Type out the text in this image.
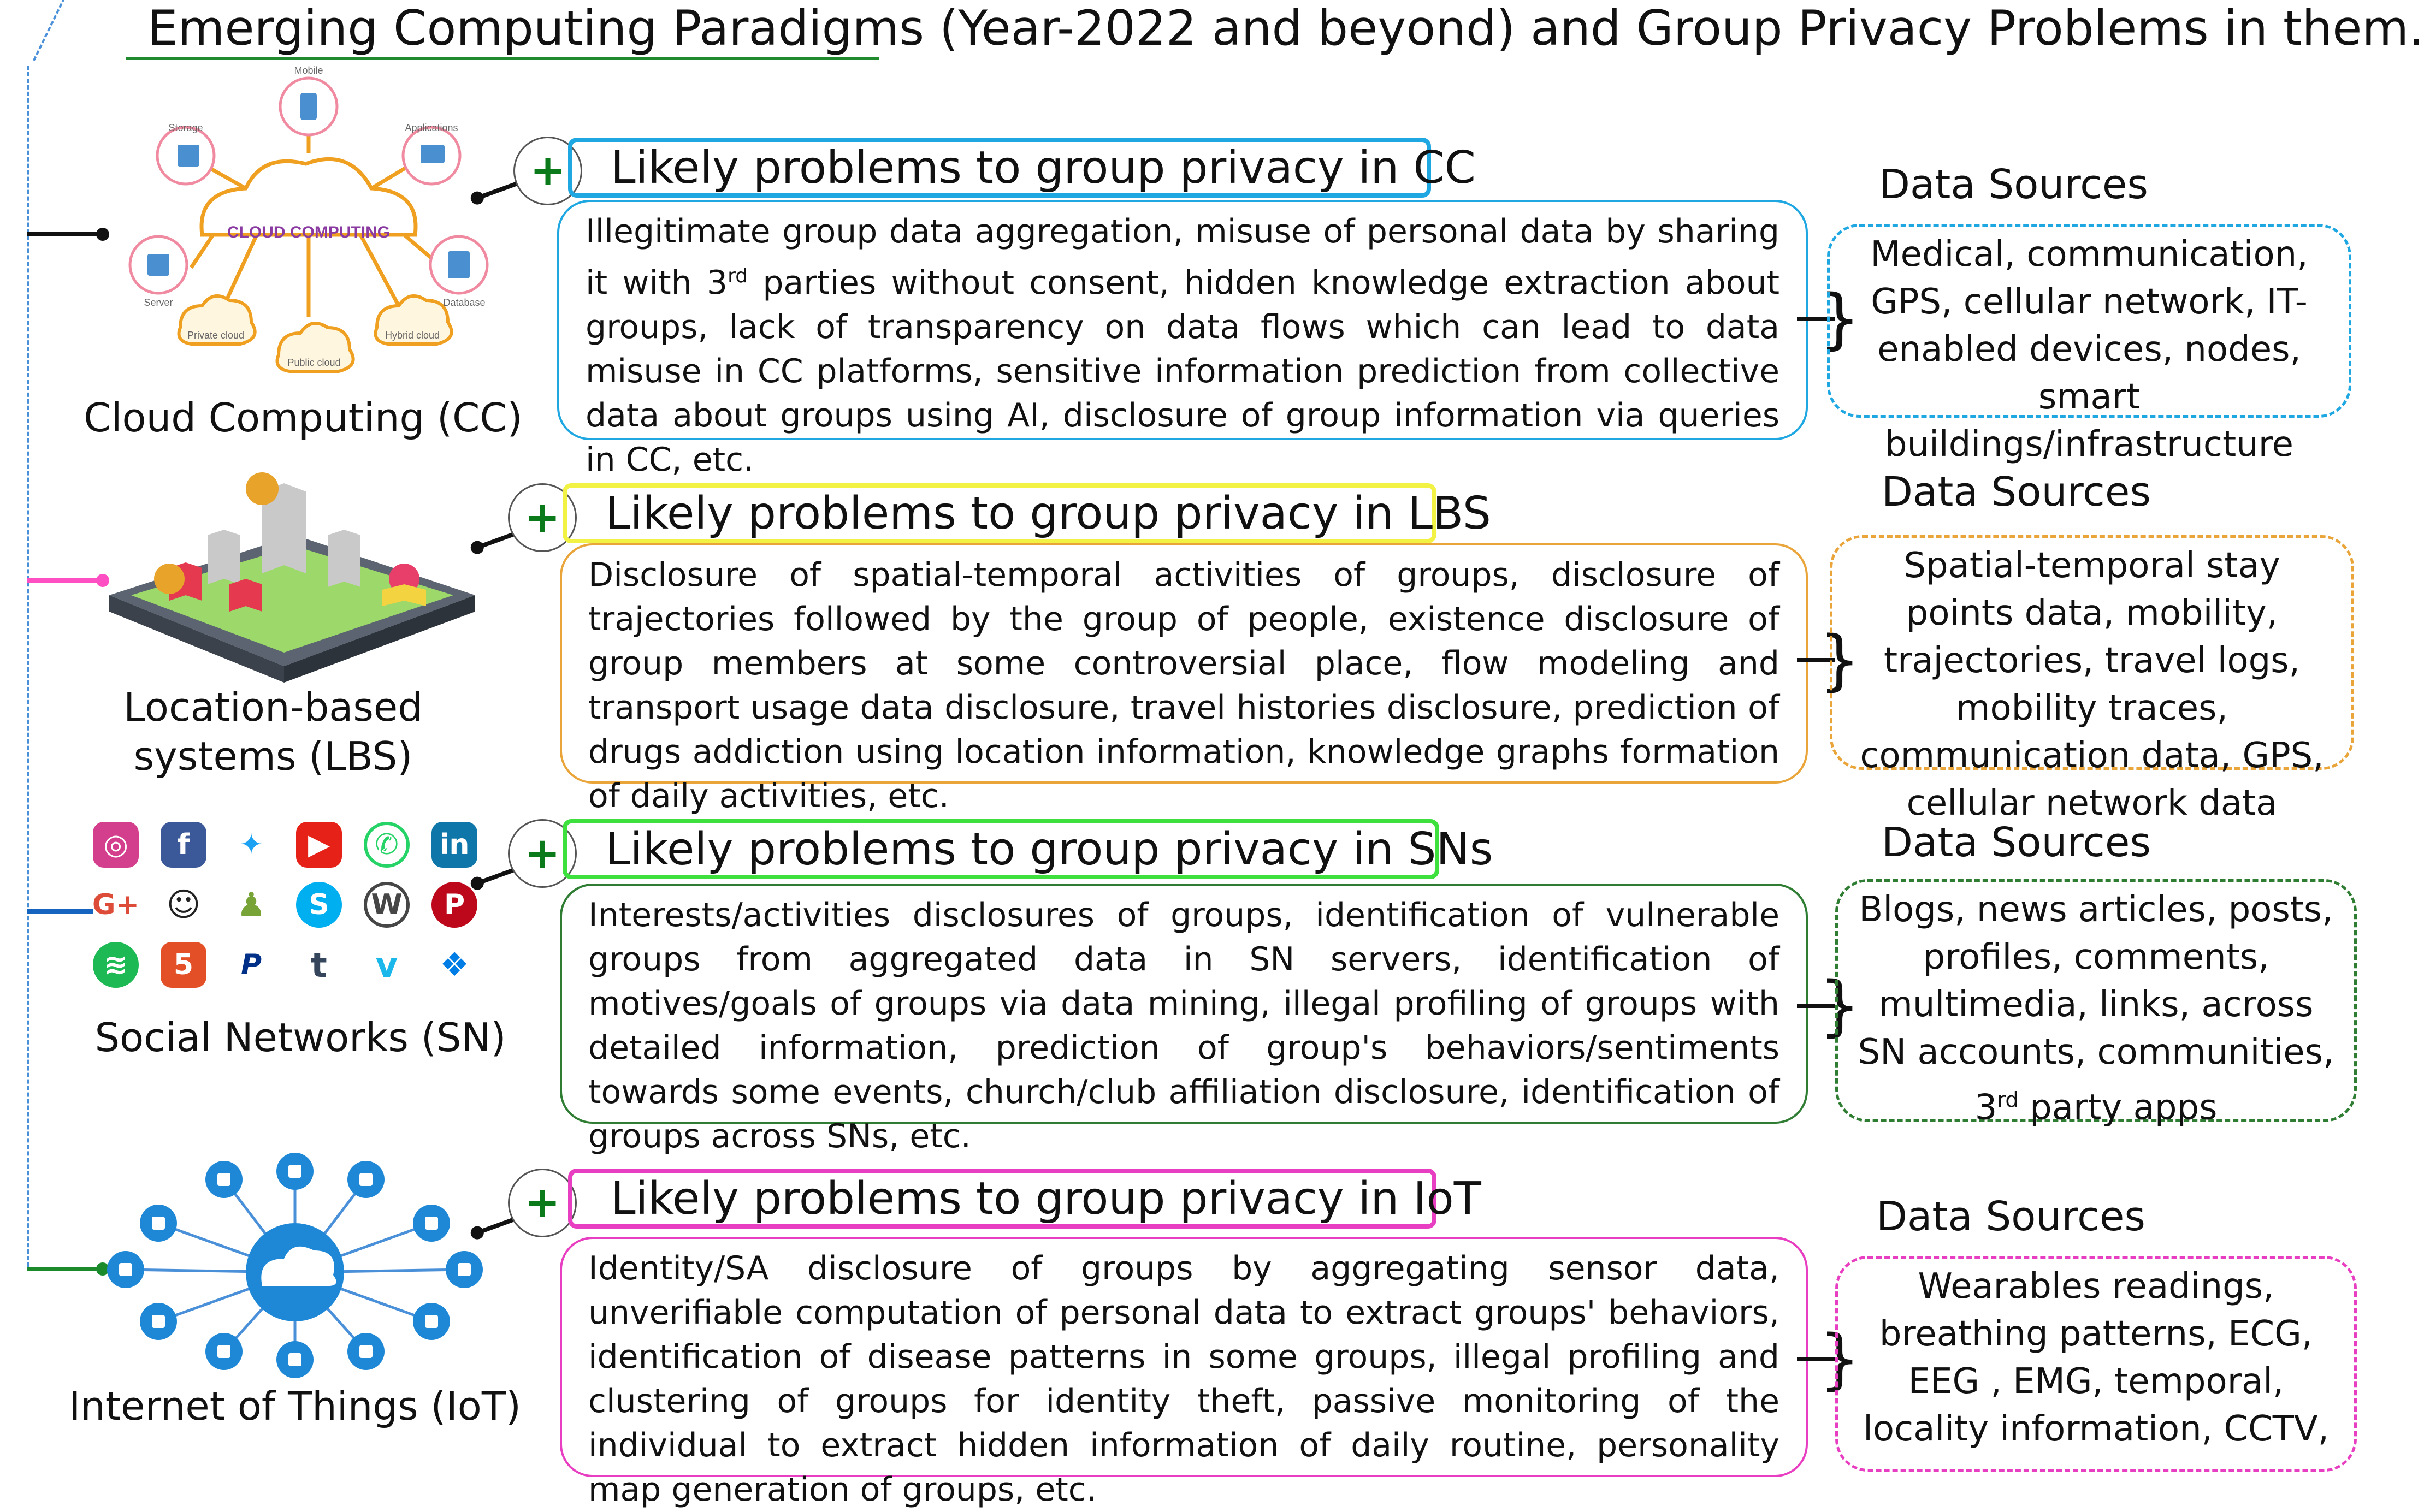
Emerging Computing Paradigms (Year-2022 and beyond) and Group Privacy Problems in them.
CLOUD COMPUTING
Mobile
Storage	Applications
Server	Database
Private cloud
Public cloud
Hybrid cloud
Cloud Computing (CC)
+	Likely problems to group privacy in CC
Illegitimate group data aggregation, misuse of personal data by sharing it with 3rd parties without consent, hidden knowledge extraction about groups, lack of transparency on data flows which can lead to data misuse in CC platforms, sensitive information prediction from collective data about groups using AI, disclosure of group information via queries in CC, etc.
}
Data Sources
Medical, communication, GPS, cellular network, IT-enabled devices, nodes, smart buildings/infrastructure
Location-based systems (LBS)
+	Likely problems to group privacy in LBS
Disclosure of spatial-temporal activities of groups, disclosure of trajectories followed by the group of people, existence disclosure of group members at some controversial place, flow modeling and transport usage data disclosure, travel histories disclosure, prediction of drugs addiction using location information, knowledge graphs formation of daily activities, etc.
}
Data Sources
Spatial-temporal stay points data, mobility, trajectories, travel logs, mobility traces, communication data, GPS, cellular network data
◎	f	✦	▶	✆	in
G+ ☺ ♟	S	W	P
≋	5	P	t	v	❖
Social Networks (SN)
+	Likely problems to group privacy in SNs
Interests/activities disclosures of groups, identification of vulnerable groups from aggregated data in SN servers, identification of motives/goals of groups via data mining, illegal profiling of groups with detailed information, prediction of group's behaviors/sentiments towards some events, church/club affiliation disclosure, identification of groups across SNs, etc.
}
Data Sources
Blogs, news articles, posts, profiles, comments, multimedia, links, across SN accounts, communities, 3rd party apps
Internet of Things (IoT)
+	Likely problems to group privacy in IoT
Identity/SA disclosure of groups by aggregating sensor data, unverifiable computation of personal data to extract groups' behaviors, identification of disease patterns in some groups, illegal profiling and clustering of groups for identity theft, passive monitoring of the individual to extract hidden information of daily routine, personality map generation of groups, etc.
}
Data Sources
Wearables readings, breathing patterns, ECG, EEG , EMG, temporal, locality information, CCTV,
